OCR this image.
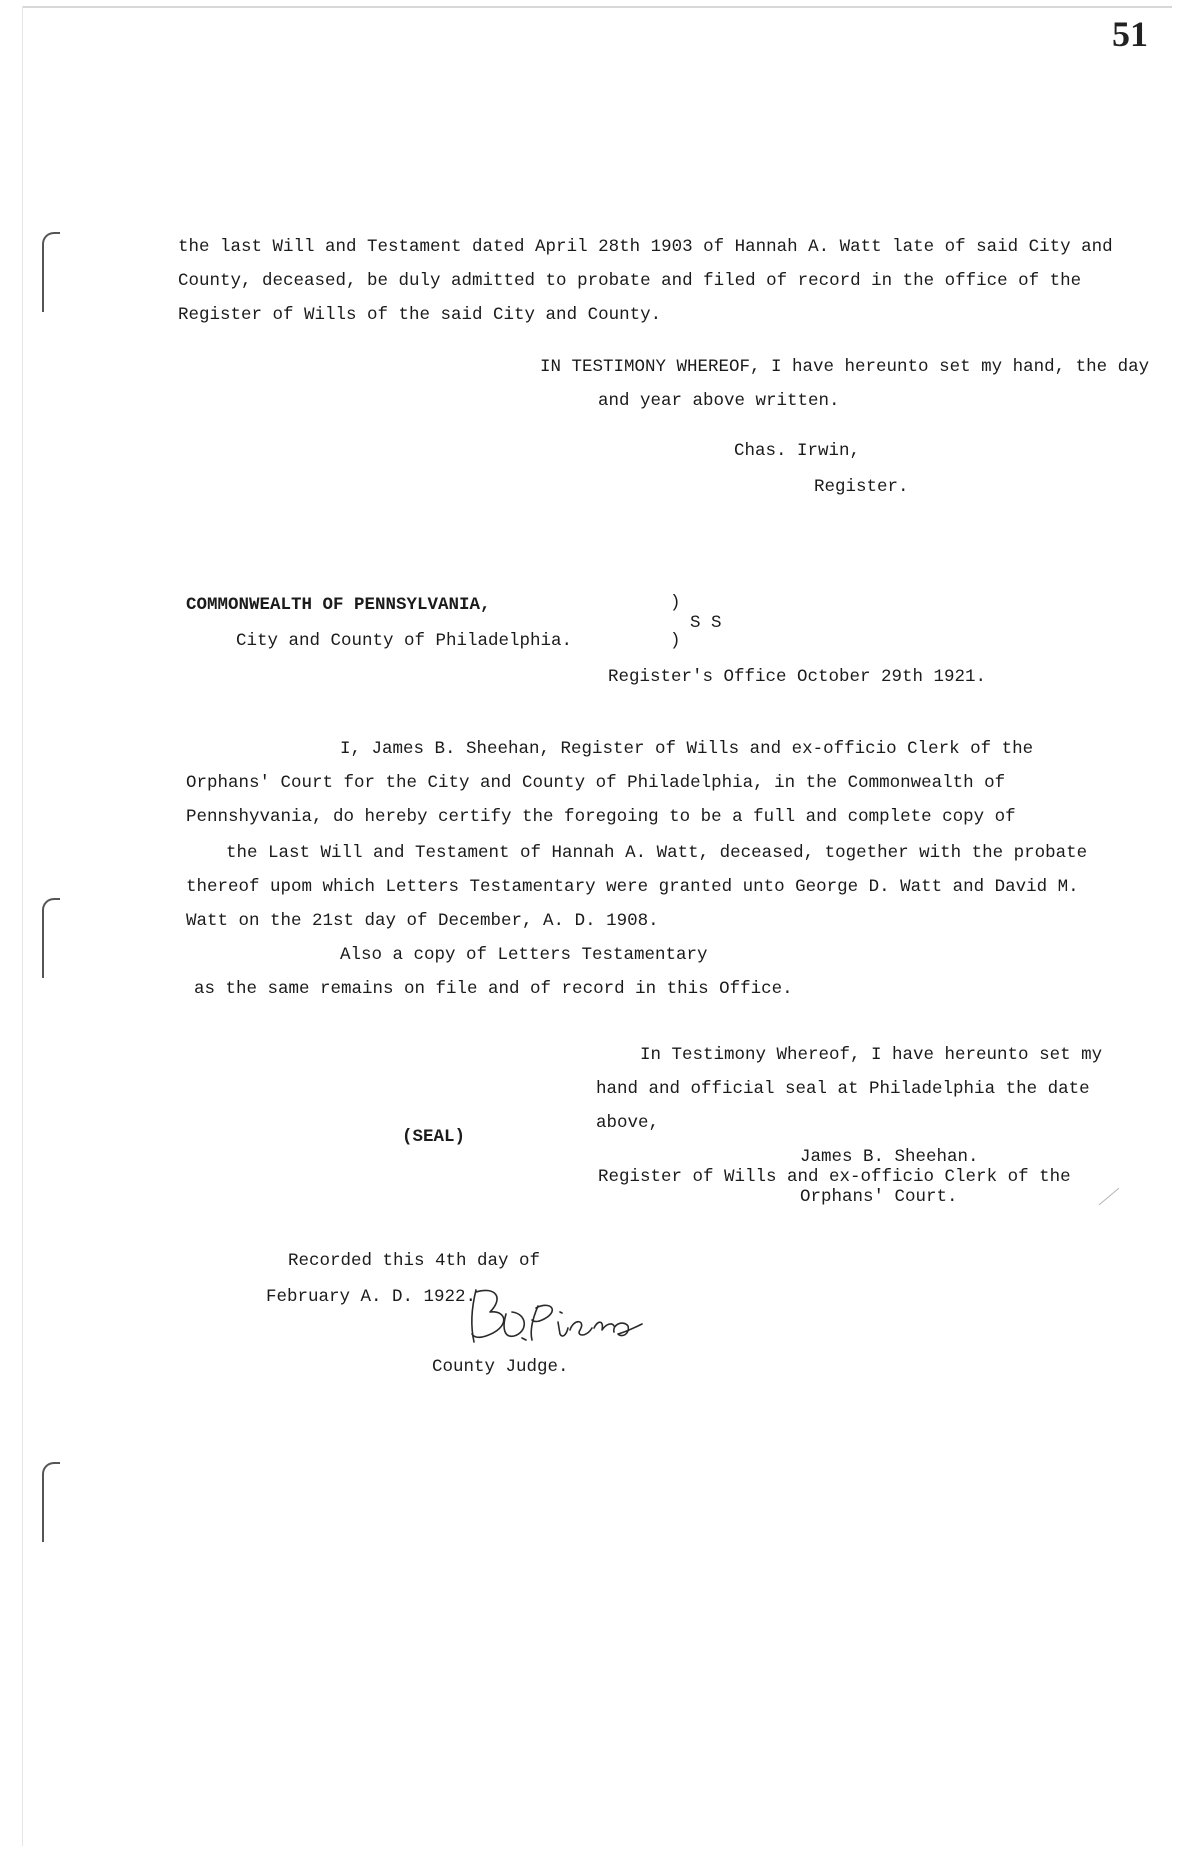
51
the last Will and Testament dated April 28th 1903 of Hannah A. Watt late of said City and
County, deceased, be duly admitted to probate and filed of record in the office of the
Register of Wills of the said City and County.
IN TESTIMONY WHEREOF, I have hereunto set my hand, the day
and year above written.
Chas. Irwin,
Register.
COMMONWEALTH OF PENNSYLVANIA,
City and County of Philadelphia.
)
S S
)
Register's Office October 29th 1921.
I, James B. Sheehan, Register of Wills and ex-officio Clerk of the
Orphans' Court for the City and County of Philadelphia, in the Commonwealth of
Pennshyvania, do hereby certify the foregoing to be a full and complete copy of
the Last Will and Testament of Hannah A. Watt, deceased, together with the probate
thereof upom which Letters Testamentary were granted unto George D. Watt and David M.
Watt on the 21st day of December, A. D. 1908.
Also a copy of Letters Testamentary
as the same remains on file and of record in this Office.
In Testimony Whereof, I have hereunto set my
hand and official seal at Philadelphia the date
above,
(SEAL)
James B. Sheehan.
Register of Wills and ex-officio Clerk of the
Orphans' Court.
Recorded this 4th day of
February A. D. 1922.
County Judge.
